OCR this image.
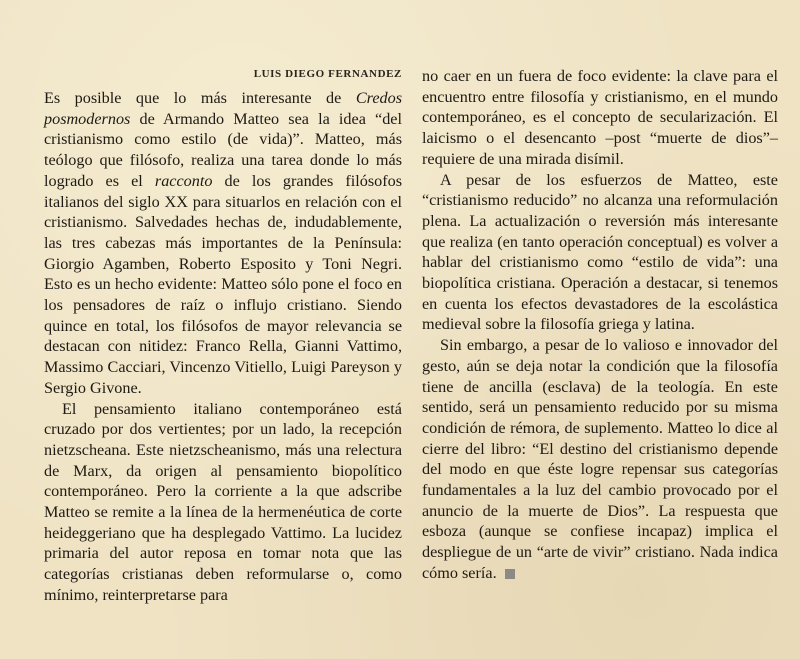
LUIS DIEGO FERNANDEZ

Es posible que lo más interesante de Credos posmodernos de Armando Matteo sea la idea “del cristianismo como estilo (de vida)”. Matteo, más teólogo que filósofo, realiza una tarea donde lo más logrado es el racconto de los grandes filósofos italianos del siglo XX para situarlos en relación con el cristianismo. Salvedades hechas de, indudablemente, las tres cabezas más importantes de la Península: Giorgio Agamben, Roberto Esposito y Toni Negri. Esto es un hecho evidente: Matteo sólo pone el foco en los pensadores de raíz o influjo cristiano. Siendo quince en total, los filósofos de mayor relevancia se destacan con nitidez: Franco Rella, Gianni Vattimo, Massimo Cacciari, Vincenzo Vitiello, Luigi Pareyson y Sergio Givone.

El pensamiento italiano contemporáneo está cruzado por dos vertientes; por un lado, la recepción nietzscheana. Este nietzscheanismo, más una relectura de Marx, da origen al pensamiento biopolítico contemporáneo. Pero la corriente a la que adscribe Matteo se remite a la línea de la hermenéutica de corte heideggeriano que ha desplegado Vattimo. La lucidez primaria del autor reposa en tomar nota que las categorías cristianas deben reformularse o, como mínimo, reinterpretarse para

no caer en un fuera de foco evidente: la clave para el encuentro entre filosofía y cristianismo, en el mundo contemporáneo, es el concepto de secularización. El laicismo o el desencanto –post “muerte de dios”– requiere de una mirada disímil.

A pesar de los esfuerzos de Matteo, este “cristianismo reducido” no alcanza una reformulación plena. La actualización o reversión más interesante que realiza (en tanto operación conceptual) es volver a hablar del cristianismo como “estilo de vida”: una biopolítica cristiana. Operación a destacar, si tenemos en cuenta los efectos devastadores de la escolástica medieval sobre la filosofía griega y latina.

Sin embargo, a pesar de lo valioso e innovador del gesto, aún se deja notar la condición que la filosofía tiene de ancilla (esclava) de la teología. En este sentido, será un pensamiento reducido por su misma condición de rémora, de suplemento. Matteo lo dice al cierre del libro: “El destino del cristianismo depende del modo en que éste logre repensar sus categorías fundamentales a la luz del cambio provocado por el anuncio de la muerte de Dios”. La respuesta que esboza (aunque se confiese incapaz) implica el despliegue de un “arte de vivir” cristiano. Nada indica cómo sería.
